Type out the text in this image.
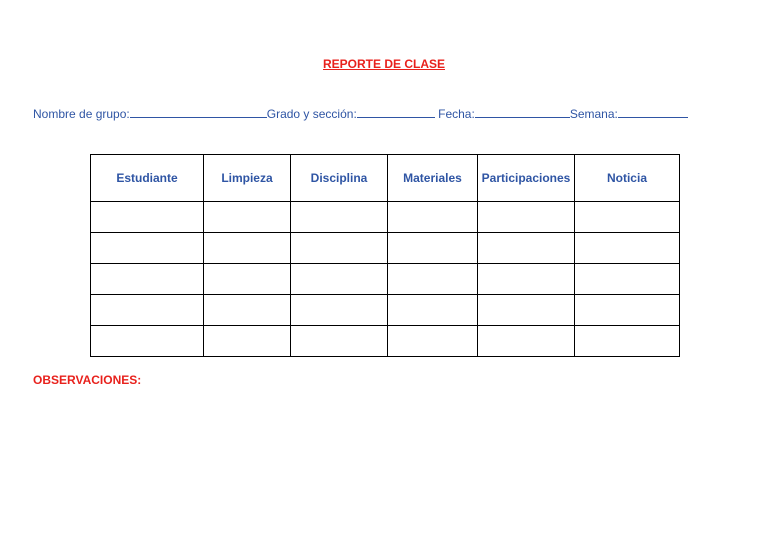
REPORTE DE CLASE
Nombre de grupo:	Grado y sección:	Fecha:	Semana:
Estudiante	Limpieza	Disciplina	Materiales	Participaciones	Noticia

OBSERVACIONES:
